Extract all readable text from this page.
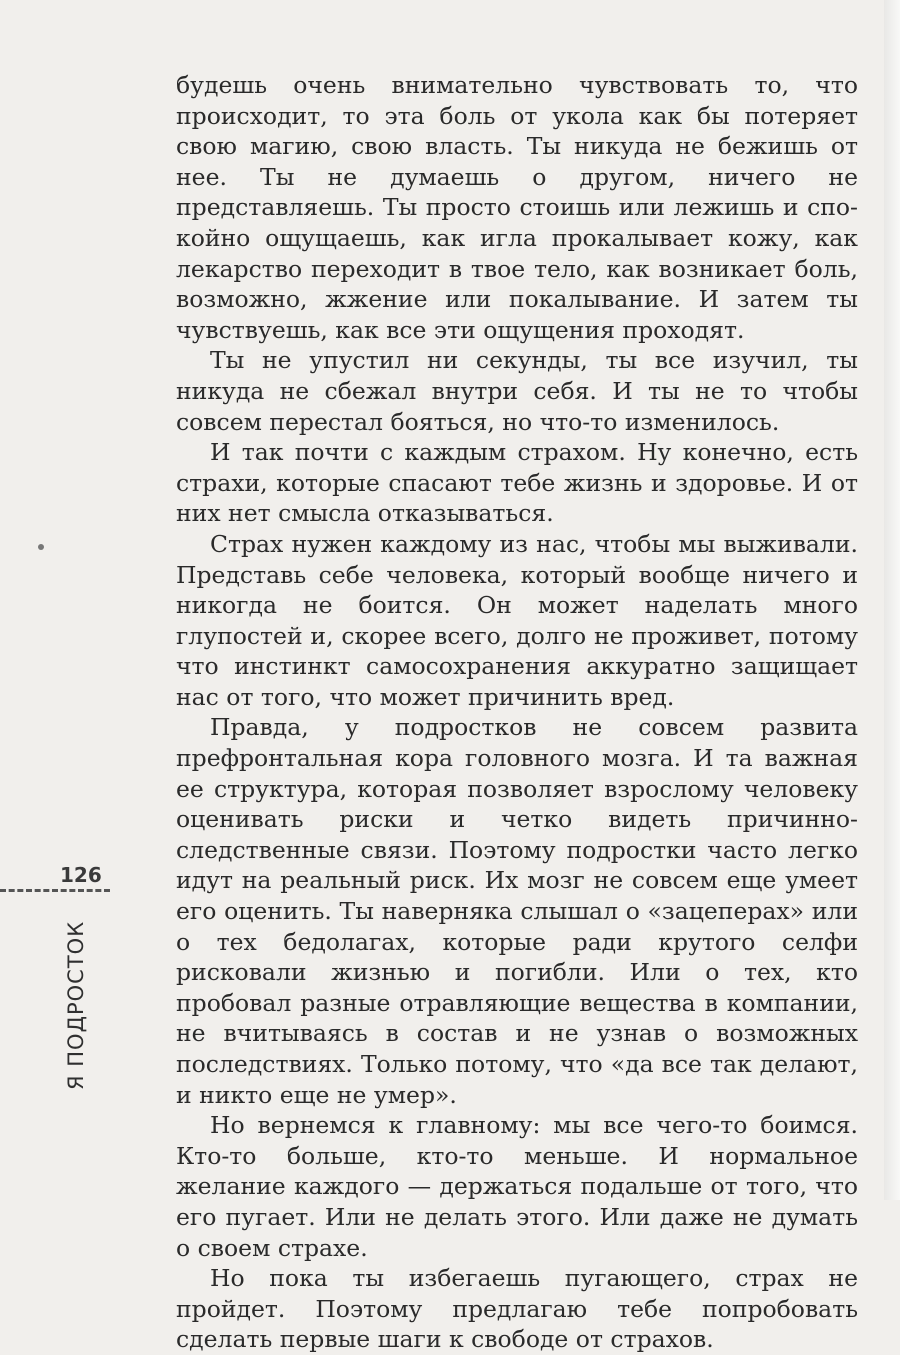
будешь очень внимательно чувствовать то, что происходит, то эта боль от укола как бы потеряет свою магию, свою власть. Ты никуда не бежишь от нее. Ты не думаешь о другом, ничего не представляешь. Ты просто стоишь или лежишь и спокойно ощущаешь, как игла прокалывает кожу, как лекарство переходит в твое тело, как возникает боль, возможно, жжение или покалывание. И затем ты чувствуешь, как все эти ощущения проходят.

Ты не упустил ни секунды, ты все изучил, ты никуда не сбежал внутри себя. И ты не то чтобы совсем перестал бояться, но что-то изменилось.

И так почти с каждым страхом. Ну конечно, есть страхи, которые спасают тебе жизнь и здоровье. И от них нет смысла отказываться.

Страх нужен каждому из нас, чтобы мы выживали. Представь себе человека, который вообще ничего и никогда не боится. Он может наделать много глупостей и, скорее всего, долго не проживет, потому что инстинкт самосохранения аккуратно защищает нас от того, что может причинить вред.

Правда, у подростков не совсем развита префронтальная кора головного мозга. И та важная ее структура, которая позволяет взрослому человеку оценивать риски и четко видеть причинно-следственные связи. Поэтому подростки часто легко идут на реальный риск. Их мозг не совсем еще умеет его оценить. Ты наверняка слышал о «зацеперах» или о тех бедолагах, которые ради крутого селфи рисковали жизнью и погибли. Или о тех, кто пробовал разные отравляющие вещества в компании, не вчитываясь в состав и не узнав о возможных последствиях. Только потому, что «да все так делают, и никто еще не умер».

Но вернемся к главному: мы все чего-то боимся. Кто-то больше, кто-то меньше. И нормальное желание каждого — держаться подальше от того, что его пугает. Или не делать этого. Или даже не думать о своем страхе.

Но пока ты избегаешь пугающего, страх не пройдет. Поэтому предлагаю тебе попробовать сделать первые шаги к свободе от страхов.

126
Я ПОДРОСТОК
